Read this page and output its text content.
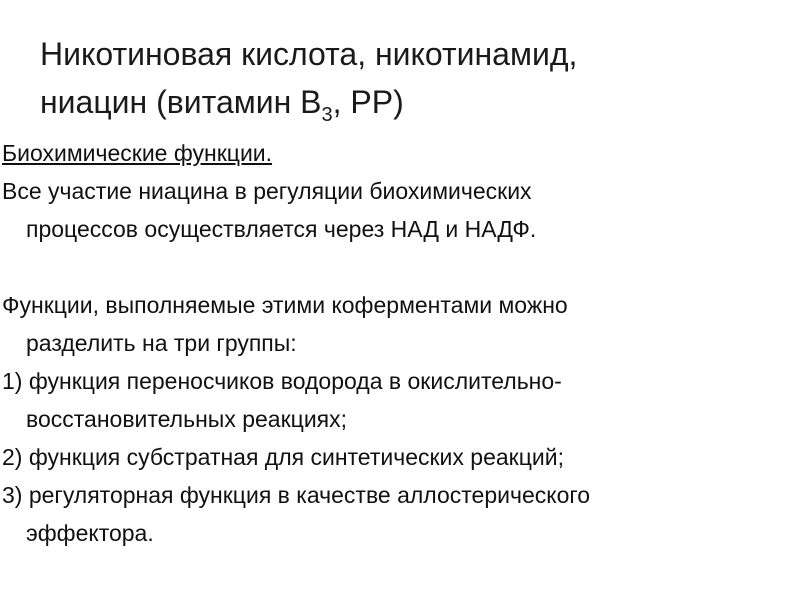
Никотиновая кислота, никотинамид,
ниацин (витамин $В_3$, РР)
Биохимические функции.
Все участие ниацина в регуляции биохимических
процессов осуществляется через НАД и НАДФ.
Функции, выполняемые этими коферментами можно
разделить на три группы:
1) функция переносчиков водорода в окислительно-
восстановительных реакциях;
2) функция субстратная для синтетических реакций;
3) регуляторная функция в качестве аллостерического
эффектора.
